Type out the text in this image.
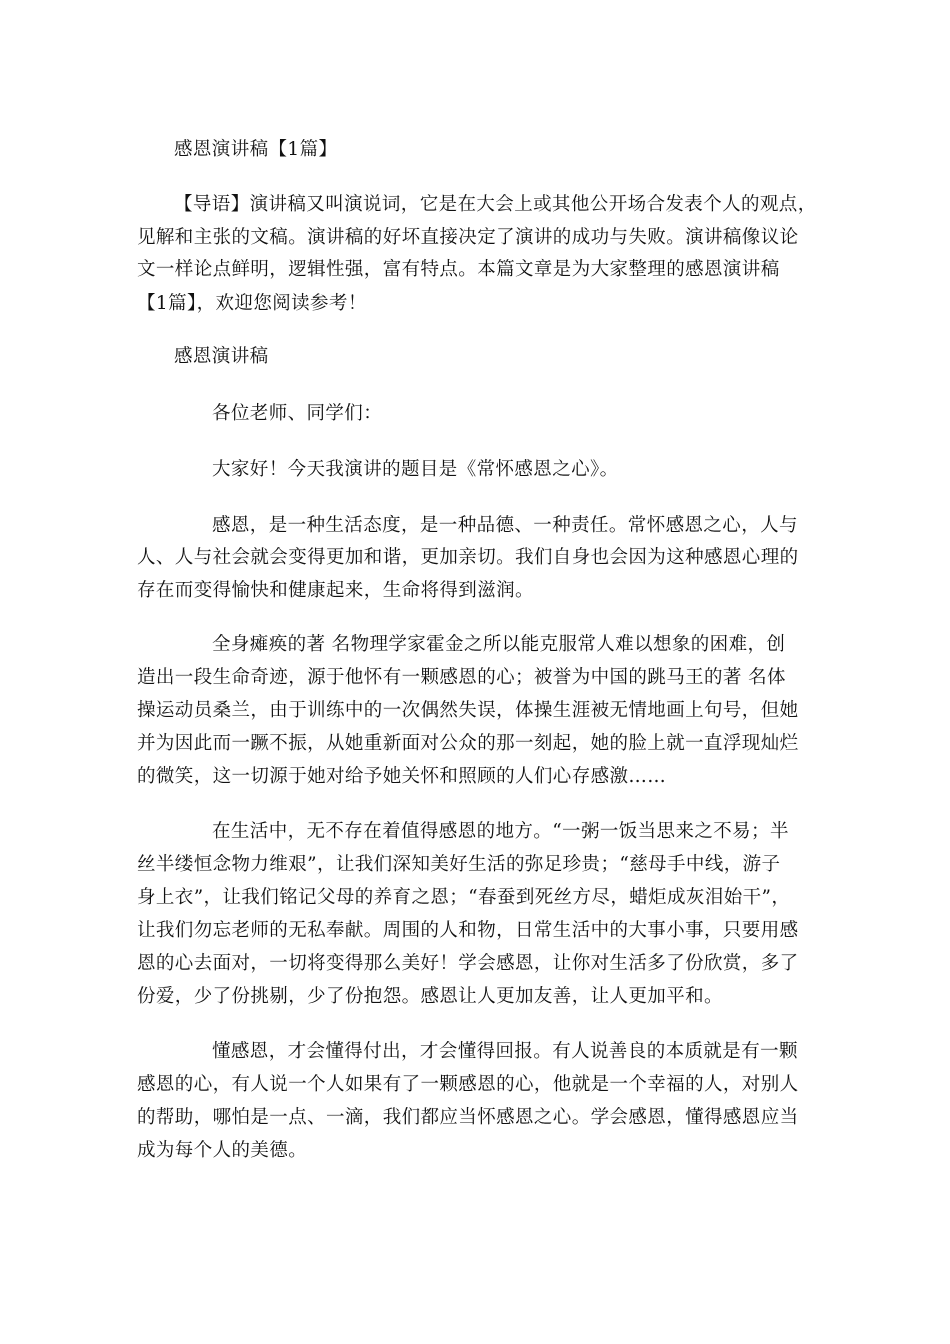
感恩演讲稿【1篇】

【导语】演讲稿又叫演说词，它是在大会上或其他公开场合发表个人的观点，

见解和主张的文稿。演讲稿的好坏直接决定了演讲的成功与失败。演讲稿像议论

文一样论点鲜明，逻辑性强，富有特点。本篇文章是为大家整理的感恩演讲稿

【1篇】，欢迎您阅读参考！

感恩演讲稿

各位老师、同学们：

大家好！今天我演讲的题目是《常怀感恩之心》。

感恩，是一种生活态度，是一种品德、一种责任。常怀感恩之心，人与

人、人与社会就会变得更加和谐，更加亲切。我们自身也会因为这种感恩心理的

存在而变得愉快和健康起来，生命将得到滋润。

全身瘫痪的著 名物理学家霍金之所以能克服常人难以想象的困难，创

造出一段生命奇迹，源于他怀有一颗感恩的心；被誉为中国的跳马王的著 名体

操运动员桑兰，由于训练中的一次偶然失误，体操生涯被无情地画上句号，但她

并为因此而一蹶不振，从她重新面对公众的那一刻起，她的脸上就一直浮现灿烂

的微笑，这一切源于她对给予她关怀和照顾的人们心存感激……

在生活中，无不存在着值得感恩的地方。“一粥一饭当思来之不易；半

丝半缕恒念物力维艰”，让我们深知美好生活的弥足珍贵；“慈母手中线，游子

身上衣”，让我们铭记父母的养育之恩；“春蚕到死丝方尽，蜡炬成灰泪始干”，

让我们勿忘老师的无私奉献。周围的人和物，日常生活中的大事小事，只要用感

恩的心去面对，一切将变得那么美好！学会感恩，让你对生活多了份欣赏，多了

份爱，少了份挑剔，少了份抱怨。感恩让人更加友善，让人更加平和。

懂感恩，才会懂得付出，才会懂得回报。有人说善良的本质就是有一颗

感恩的心，有人说一个人如果有了一颗感恩的心，他就是一个幸福的人，对别人

的帮助，哪怕是一点、一滴，我们都应当怀感恩之心。学会感恩，懂得感恩应当

成为每个人的美德。
